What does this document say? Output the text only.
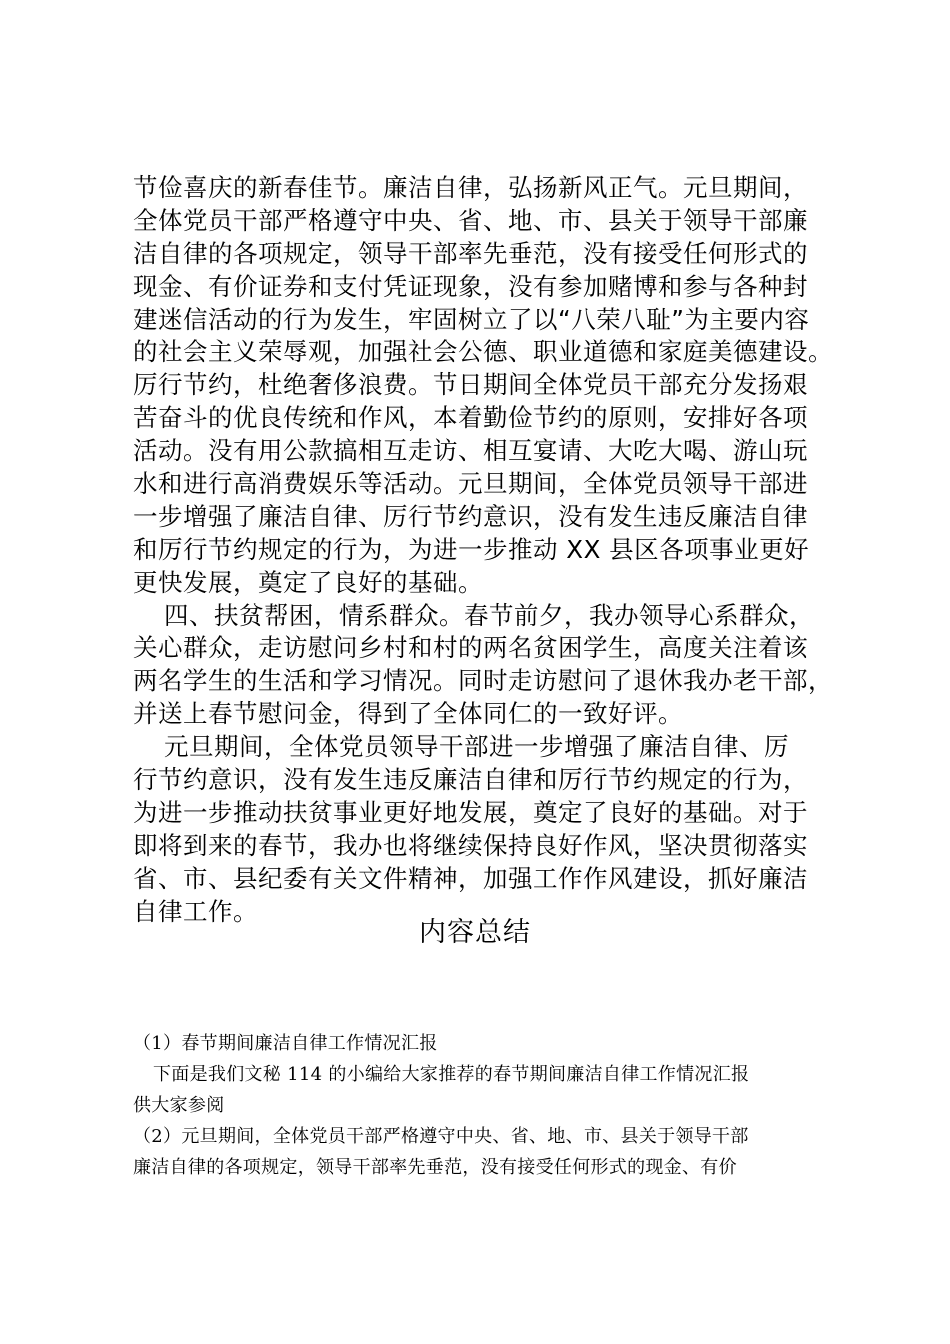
节俭喜庆的新春佳节。廉洁自律，弘扬新风正气。元旦期间，
全体党员干部严格遵守中央、省、地、市、县关于领导干部廉
洁自律的各项规定，领导干部率先垂范，没有接受任何形式的
现金、有价证券和支付凭证现象，没有参加赌博和参与各种封
建迷信活动的行为发生，牢固树立了以“八荣八耻”为主要内容
的社会主义荣辱观，加强社会公德、职业道德和家庭美德建设。
厉行节约，杜绝奢侈浪费。节日期间全体党员干部充分发扬艰
苦奋斗的优良传统和作风，本着勤俭节约的原则，安排好各项
活动。没有用公款搞相互走访、相互宴请、大吃大喝、游山玩
水和进行高消费娱乐等活动。元旦期间，全体党员领导干部进
一步增强了廉洁自律、厉行节约意识，没有发生违反廉洁自律
和厉行节约规定的行为，为进一步推动 XX 县区各项事业更好
更快发展，奠定了良好的基础。
四、扶贫帮困，情系群众。春节前夕，我办领导心系群众，
关心群众，走访慰问乡村和村的两名贫困学生，高度关注着该
两名学生的生活和学习情况。同时走访慰问了退休我办老干部，
并送上春节慰问金，得到了全体同仁的一致好评。
元旦期间，全体党员领导干部进一步增强了廉洁自律、厉
行节约意识，没有发生违反廉洁自律和厉行节约规定的行为，
为进一步推动扶贫事业更好地发展，奠定了良好的基础。对于
即将到来的春节，我办也将继续保持良好作风，坚决贯彻落实
省、市、县纪委有关文件精神，加强工作作风建设，抓好廉洁
自律工作。
内容总结
（1）春节期间廉洁自律工作情况汇报
下面是我们文秘 114 的小编给大家推荐的春节期间廉洁自律工作情况汇报
供大家参阅
（2）元旦期间，全体党员干部严格遵守中央、省、地、市、县关于领导干部
廉洁自律的各项规定，领导干部率先垂范，没有接受任何形式的现金、有价
